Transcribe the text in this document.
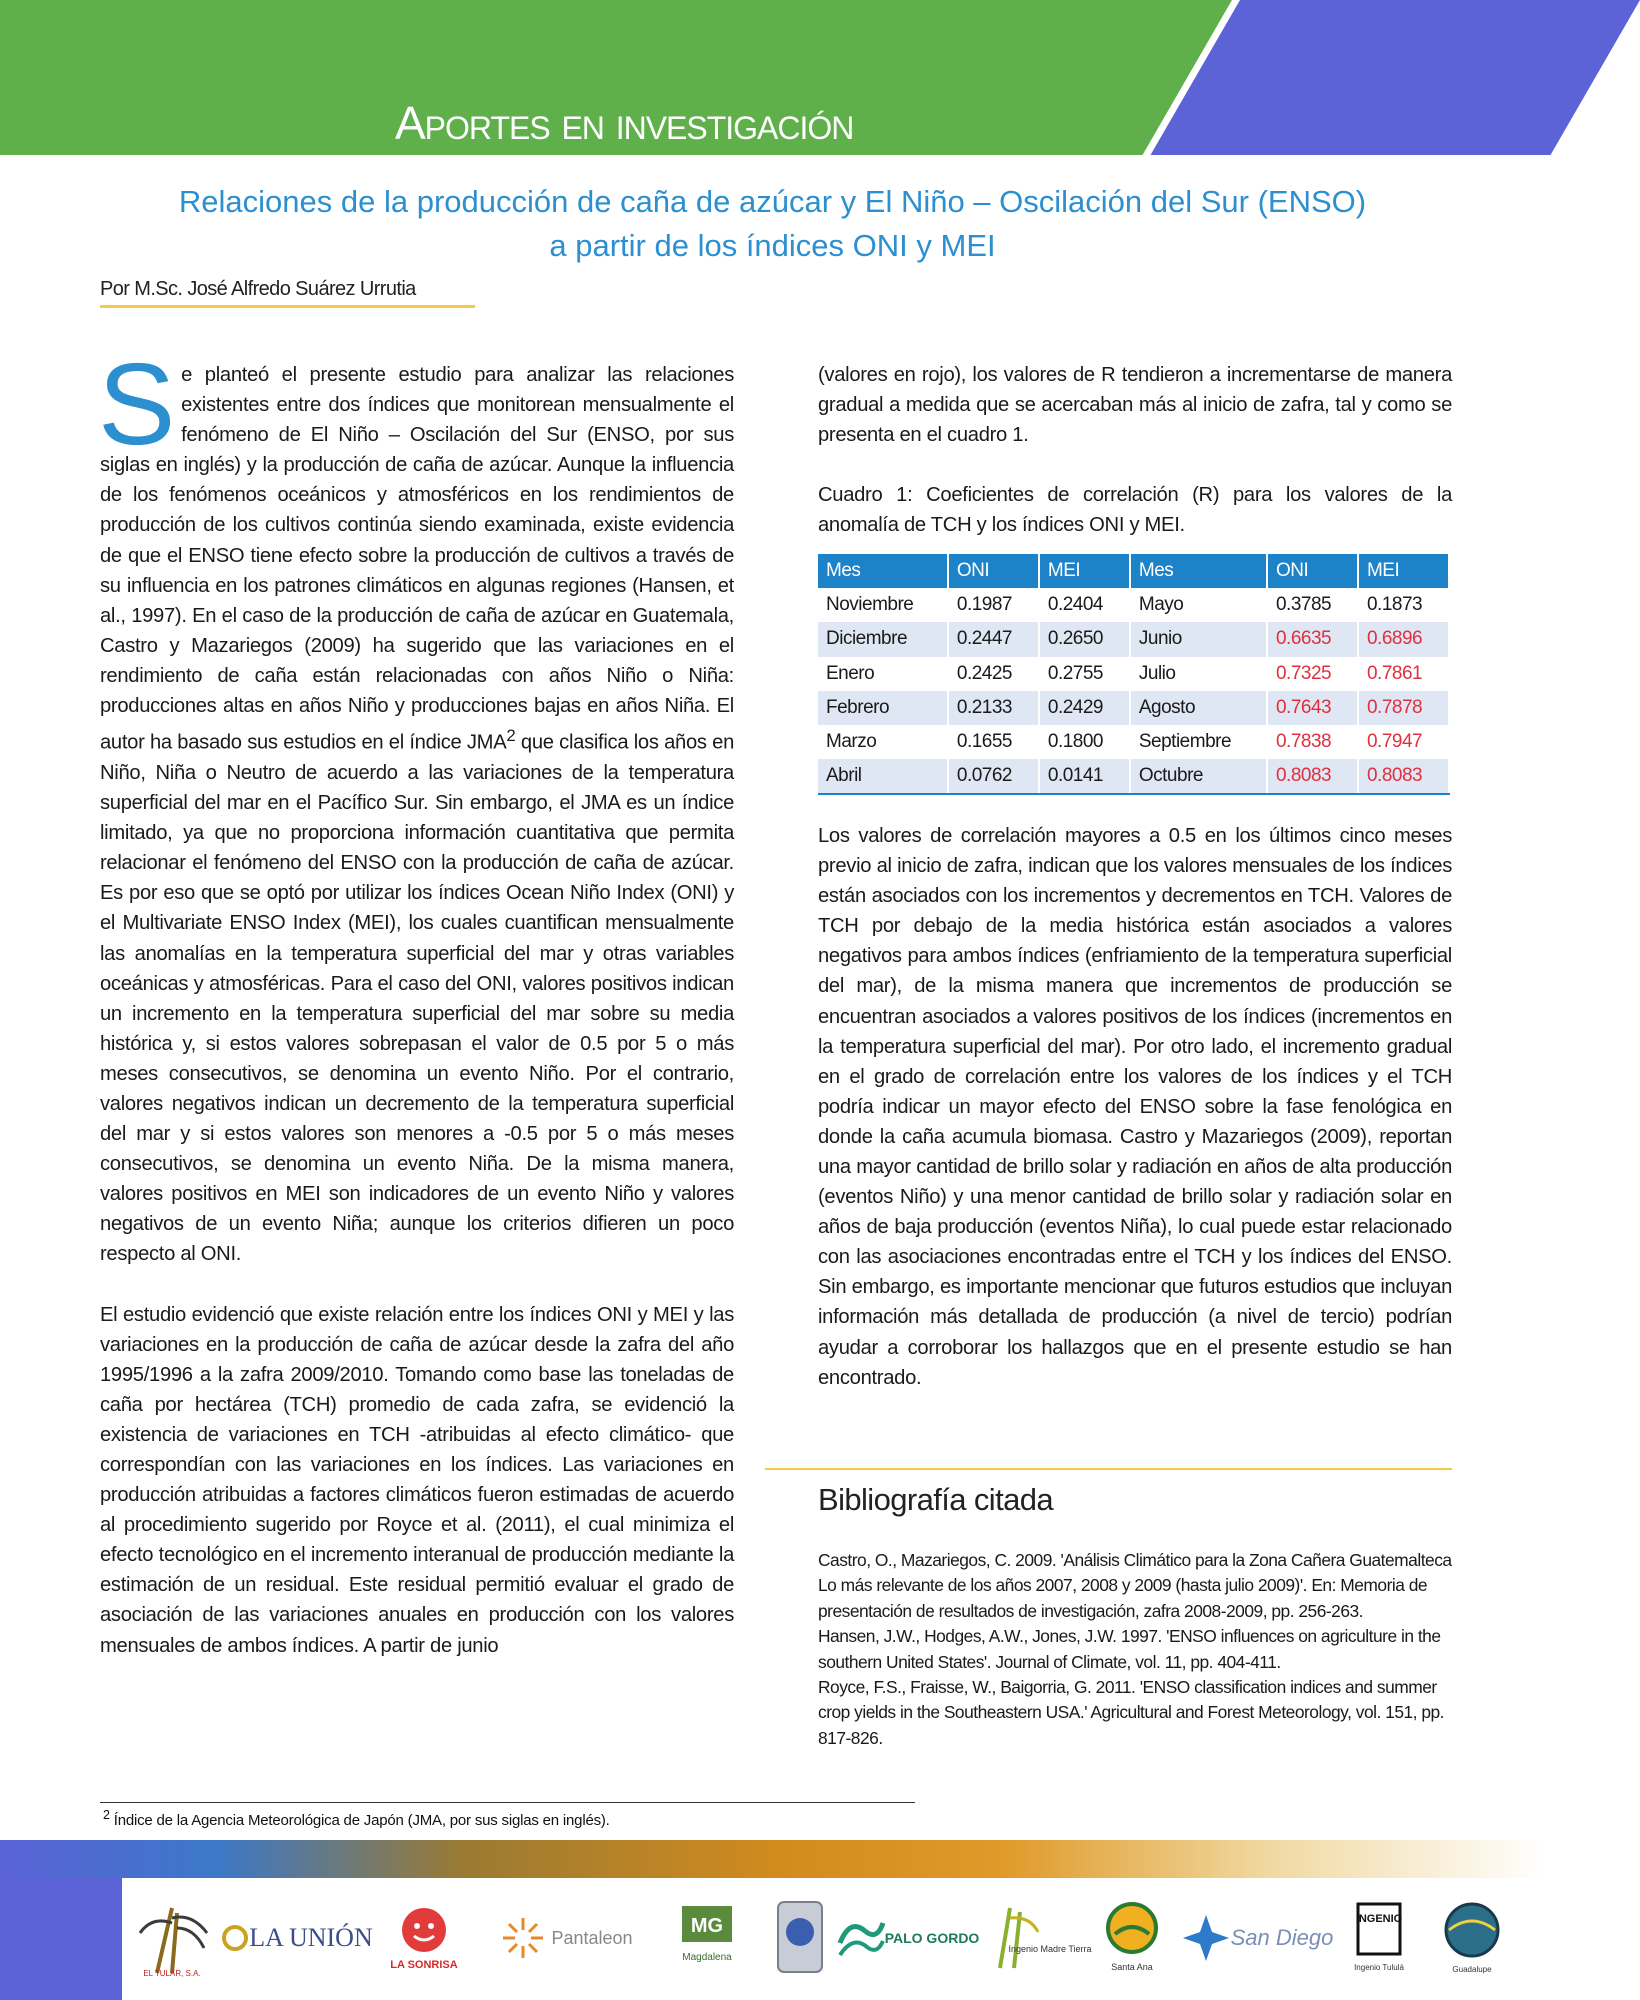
Aportes en investigación
Relaciones de la producción de caña de azúcar y El Niño – Oscilación del Sur (ENSO)
a partir de los índices ONI y MEI
Por M.Sc. José Alfredo Suárez Urrutia

Se planteó el presente estudio para analizar las relaciones existentes entre dos índices que monitorean mensualmente el fenómeno de El Niño – Oscilación del Sur (ENSO, por sus siglas en inglés) y la producción de caña de azúcar. Aunque la influencia de los fenómenos oceánicos y atmosféricos en los rendimientos de producción de los cultivos continúa siendo examinada, existe evidencia de que el ENSO tiene efecto sobre la producción de cultivos a través de su influencia en los patrones climáticos en algunas regiones (Hansen, et al., 1997). En el caso de la producción de caña de azúcar en Guatemala, Castro y Mazariegos (2009) ha sugerido que las variaciones en el rendimiento de caña están relacionadas con años Niño o Niña: producciones altas en años Niño y producciones bajas en años Niña. El autor ha basado sus estudios en el índice JMA$^2$ que clasifica los años en Niño, Niña o Neutro de acuerdo a las variaciones de la temperatura superficial del mar en el Pacífico Sur. Sin embargo, el JMA es un índice limitado, ya que no proporciona información cuantitativa que permita relacionar el fenómeno del ENSO con la producción de caña de azúcar. Es por eso que se optó por utilizar los índices Ocean Niño Index (ONI) y el Multivariate ENSO Index (MEI), los cuales cuantifican mensualmente las anomalías en la temperatura superficial del mar y otras variables oceánicas y atmosféricas. Para el caso del ONI, valores positivos indican un incremento en la temperatura superficial del mar sobre su media histórica y, si estos valores sobrepasan el valor de 0.5 por 5 o más meses consecutivos, se denomina un evento Niño. Por el contrario, valores negativos indican un decremento de la temperatura superficial del mar y si estos valores son menores a -0.5 por 5 o más meses consecutivos, se denomina un evento Niña. De la misma manera, valores positivos en MEI son indicadores de un evento Niño y valores negativos de un evento Niña; aunque los criterios difieren un poco respecto al ONI.

El estudio evidenció que existe relación entre los índices ONI y MEI y las variaciones en la producción de caña de azúcar desde la zafra del año 1995/1996 a la zafra 2009/2010. Tomando como base las toneladas de caña por hectárea (TCH) promedio de cada zafra, se evidenció la existencia de variaciones en TCH -atribuidas al efecto climático- que correspondían con las variaciones en los índices. Las variaciones en producción atribuidas a factores climáticos fueron estimadas de acuerdo al procedimiento sugerido por Royce et al. (2011), el cual minimiza el efecto tecnológico en el incremento interanual de producción mediante la estimación de un residual. Este residual permitió evaluar el grado de asociación de las variaciones anuales en producción con los valores mensuales de ambos índices. A partir de junio

(valores en rojo), los valores de R tendieron a incrementarse de manera gradual a medida que se acercaban más al inicio de zafra, tal y como se presenta en el cuadro 1.

Cuadro 1: Coeficientes de correlación (R) para los valores de la anomalía de TCH y los índices ONI y MEI.

Mes	ONI	MEI	Mes	ONI	MEI
Noviembre	0.1987	0.2404	Mayo	0.3785	0.1873
Diciembre	0.2447	0.2650	Junio	0.6635	0.6896
Enero	0.2425	0.2755	Julio	0.7325	0.7861
Febrero	0.2133	0.2429	Agosto	0.7643	0.7878
Marzo	0.1655	0.1800	Septiembre	0.7838	0.7947
Abril	0.0762	0.0141	Octubre	0.8083	0.8083

Los valores de correlación mayores a 0.5 en los últimos cinco meses previo al inicio de zafra, indican que los valores mensuales de los índices están asociados con los incrementos y decrementos en TCH. Valores de TCH por debajo de la media histórica están asociados a valores negativos para ambos índices (enfriamiento de la temperatura superficial del mar), de la misma manera que incrementos de producción se encuentran asociados a valores positivos de los índices (incrementos en la temperatura superficial del mar). Por otro lado, el incremento gradual en el grado de correlación entre los valores de los índices y el TCH podría indicar un mayor efecto del ENSO sobre la fase fenológica en donde la caña acumula biomasa. Castro y Mazariegos (2009), reportan una mayor cantidad de brillo solar y radiación en años de alta producción (eventos Niño) y una menor cantidad de brillo solar y radiación solar en años de baja producción (eventos Niña), lo cual puede estar relacionado con las asociaciones encontradas entre el TCH y los índices del ENSO. Sin embargo, es importante mencionar que futuros estudios que incluyan información más detallada de producción (a nivel de tercio) podrían ayudar a corroborar los hallazgos que en el presente estudio se han encontrado.

Bibliografía citada

Castro, O., Mazariegos, C. 2009. 'Análisis Climático para la Zona Cañera Guatemalteca Lo más relevante de los años 2007, 2008 y 2009 (hasta julio 2009)'. En: Memoria de presentación de resultados de investigación, zafra 2008-2009, pp. 256-263.

Hansen, J.W., Hodges, A.W., Jones, J.W. 1997. 'ENSO influences on agriculture in the southern United States'. Journal of Climate, vol. 11, pp. 404-411.

Royce, F.S., Fraisse, W., Baigorria, G. 2011. 'ENSO classification indices and summer crop yields in the Southeastern USA.' Agricultural and Forest Meteorology, vol. 151, pp. 817-826.

$^2$ Índice de la Agencia Meteorológica de Japón (JMA, por sus siglas en inglés).
EL TULAR, S.A.
LA UNIÓN
LA SONRISA
Pantaleon
MG
Magdalena
PALO GORDO
Ingenio Madre Tierra
Santa Ana
San Diego
INGENIO
Ingenio Tululá	Guadalupe
